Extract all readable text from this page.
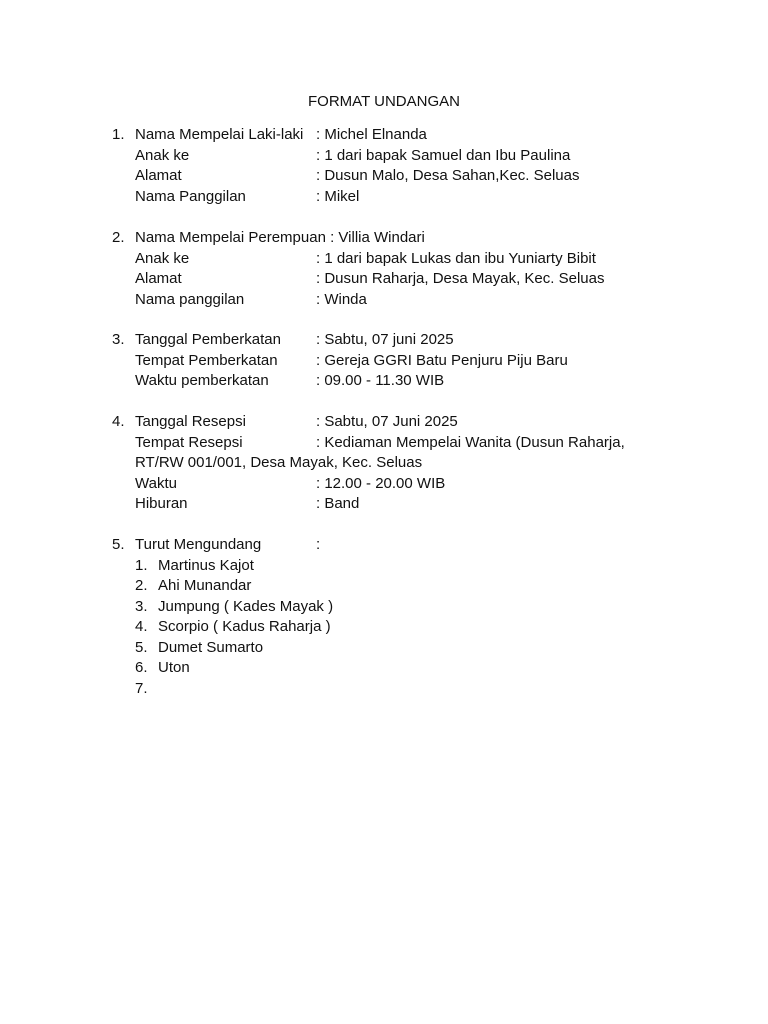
FORMAT UNDANGAN
1. Nama Mempelai Laki-laki : Michel Elnanda
Anak ke	: 1 dari bapak Samuel dan Ibu Paulina
Alamat	: Dusun Malo, Desa Sahan,Kec. Seluas
Nama Panggilan	: Mikel
2. Nama Mempelai Perempuan : Villia Windari
Anak ke	: 1 dari bapak Lukas dan ibu Yuniarty Bibit
Alamat	: Dusun Raharja, Desa Mayak, Kec. Seluas
Nama panggilan	: Winda
3. Tanggal Pemberkatan : Sabtu, 07 juni 2025
Tempat Pemberkatan	: Gereja GGRI Batu Penjuru Piju Baru
Waktu pemberkatan	: 09.00 - 11.30 WIB
4. Tanggal Resepsi	: Sabtu, 07 Juni 2025
Tempat Resepsi	: Kediaman Mempelai Wanita (Dusun Raharja,
RT/RW 001/001, Desa Mayak, Kec. Seluas
Waktu	: 12.00 - 20.00 WIB
Hiburan	: Band
5. Turut Mengundang	:
1. Martinus Kajot
2. Ahi Munandar
3. Jumpung ( Kades Mayak )
4. Scorpio ( Kadus Raharja )
5. Dumet Sumarto
6. Uton
7.
